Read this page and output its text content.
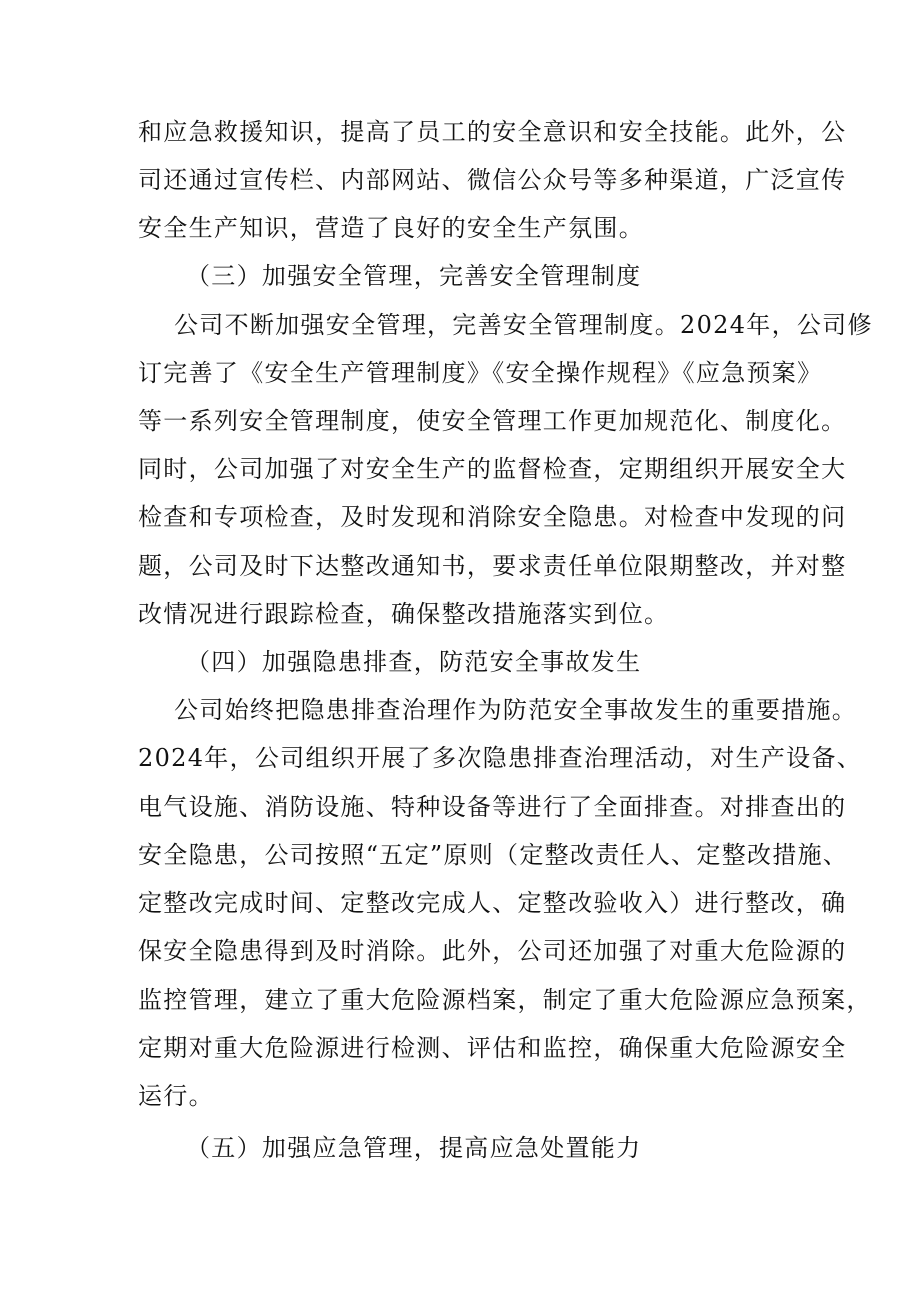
和应急救援知识，提高了员工的安全意识和安全技能。此外，公
司还通过宣传栏、内部网站、微信公众号等多种渠道，广泛宣传
安全生产知识，营造了良好的安全生产氛围。
（三）加强安全管理，完善安全管理制度
公司不断加强安全管理，完善安全管理制度。2024年，公司修
订完善了《安全生产管理制度》《安全操作规程》《应急预案》
等一系列安全管理制度，使安全管理工作更加规范化、制度化。
同时，公司加强了对安全生产的监督检查，定期组织开展安全大
检查和专项检查，及时发现和消除安全隐患。对检查中发现的问
题，公司及时下达整改通知书，要求责任单位限期整改，并对整
改情况进行跟踪检查，确保整改措施落实到位。
（四）加强隐患排查，防范安全事故发生
公司始终把隐患排查治理作为防范安全事故发生的重要措施。
2024年，公司组织开展了多次隐患排查治理活动，对生产设备、
电气设施、消防设施、特种设备等进行了全面排查。对排查出的
安全隐患，公司按照“五定”原则（定整改责任人、定整改措施、
定整改完成时间、定整改完成人、定整改验收入）进行整改，确
保安全隐患得到及时消除。此外，公司还加强了对重大危险源的
监控管理，建立了重大危险源档案，制定了重大危险源应急预案，
定期对重大危险源进行检测、评估和监控，确保重大危险源安全
运行。
（五）加强应急管理，提高应急处置能力
